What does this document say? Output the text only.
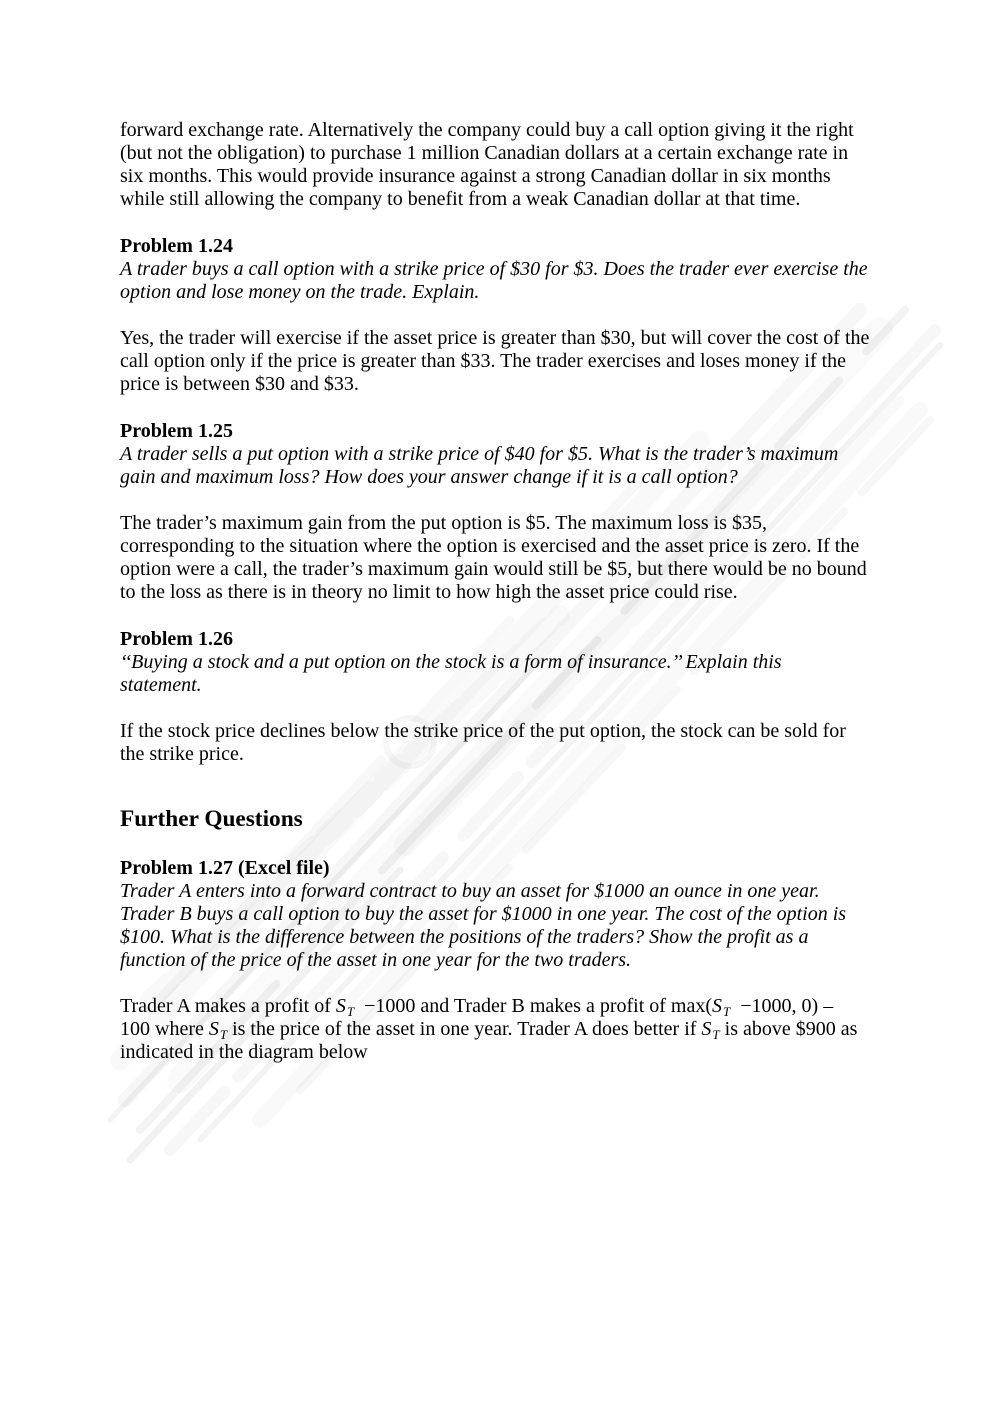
forward exchange rate. Alternatively the company could buy a call option giving it the right
(but not the obligation) to purchase 1 million Canadian dollars at a certain exchange rate in
six months. This would provide insurance against a strong Canadian dollar in six months
while still allowing the company to benefit from a weak Canadian dollar at that time.
Problem 1.24
A trader buys a call option with a strike price of $30 for $3. Does the trader ever exercise the
option and lose money on the trade. Explain.
Yes, the trader will exercise if the asset price is greater than $30, but will cover the cost of the
call option only if the price is greater than $33. The trader exercises and loses money if the
price is between $30 and $33.
Problem 1.25
A trader sells a put option with a strike price of $40 for $5. What is the trader’s maximum
gain and maximum loss? How does your answer change if it is a call option?
The trader’s maximum gain from the put option is $5. The maximum loss is $35,
corresponding to the situation where the option is exercised and the asset price is zero. If the
option were a call, the trader’s maximum gain would still be $5, but there would be no bound
to the loss as there is in theory no limit to how high the asset price could rise.
Problem 1.26
‘‘Buying a stock and a put option on the stock is a form of insurance.’’ Explain this
statement.
If the stock price declines below the strike price of the put option, the stock can be sold for
the strike price.
Further Questions
Problem 1.27 (Excel file)
Trader A enters into a forward contract to buy an asset for $1000 an ounce in one year.
Trader B buys a call option to buy the asset for $1000 in one year. The cost of the option is
$100. What is the difference between the positions of the traders? Show the profit as a
function of the price of the asset in one year for the two traders.
Trader A makes a profit of $S_T -1000$ and Trader B makes a profit of $\max(S_T -1000$, 0) –
100 where $S_T$ is the price of the asset in one year. Trader A does better if $S_T$ is above $900 as
indicated in the diagram below
